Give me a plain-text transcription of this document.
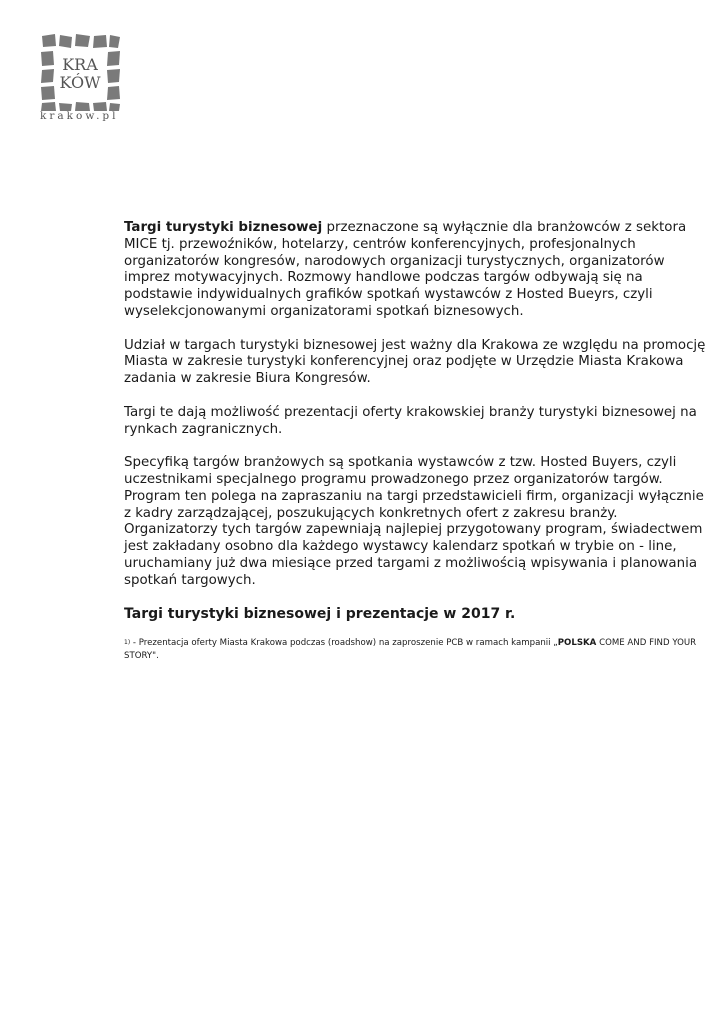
KRA
KÓW
krakow.pl

Targi turystyki biznesowej przeznaczone są wyłącznie dla branżowców z sektora MICE tj. przewoźników, hotelarzy, centrów konferencyjnych, profesjonalnych organizatorów kongresów, narodowych organizacji turystycznych, organizatorów imprez motywacyjnych. Rozmowy handlowe podczas targów odbywają się na podstawie indywidualnych grafików spotkań wystawców z Hosted Bueyrs, czyli wyselekcjonowanymi organizatorami spotkań biznesowych.

Udział w targach turystyki biznesowej jest ważny dla Krakowa ze względu na promocję Miasta w zakresie turystyki konferencyjnej oraz podjęte w Urzędzie Miasta Krakowa zadania w zakresie Biura Kongresów.

Targi te dają możliwość prezentacji oferty krakowskiej branży turystyki biznesowej na rynkach zagranicznych.

Specyfiką targów branżowych są spotkania wystawców z tzw. Hosted Buyers, czyli uczestnikami specjalnego programu prowadzonego przez organizatorów targów. Program ten polega na zapraszaniu na targi przedstawicieli firm, organizacji wyłącznie z kadry zarządzającej, poszukujących konkretnych ofert z zakresu branży. Organizatorzy tych targów zapewniają najlepiej przygotowany program, świadectwem jest zakładany osobno dla każdego wystawcy kalendarz spotkań w trybie on - line, uruchamiany już dwa miesiące przed targami z możliwością wpisywania i planowania spotkań targowych.

Targi turystyki biznesowej i prezentacje w 2017 r.

$^{1)}$ - Prezentacja oferty Miasta Krakowa podczas (roadshow) na zaproszenie PCB w ramach kampanii „POLSKA COME AND FIND YOUR STORY".
